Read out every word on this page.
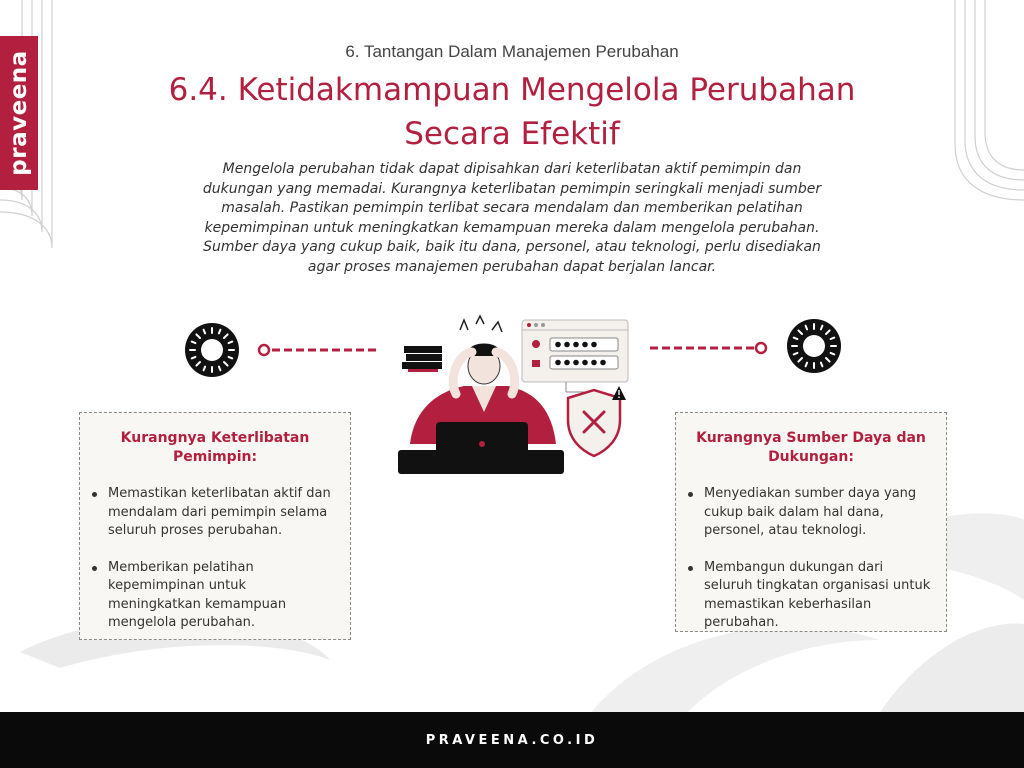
praveena	6. Tantangan Dalam Manajemen Perubahan
6.4. Ketidakmampuan Mengelola Perubahan
Secara Efektif
Mengelola perubahan tidak dapat dipisahkan dari keterlibatan aktif pemimpin dan
dukungan yang memadai. Kurangnya keterlibatan pemimpin seringkali menjadi sumber
masalah. Pastikan pemimpin terlibat secara mendalam dan memberikan pelatihan
kepemimpinan untuk meningkatkan kemampuan mereka dalam mengelola perubahan.
Sumber daya yang cukup baik, baik itu dana, personel, atau teknologi, perlu disediakan
agar proses manajemen perubahan dapat berjalan lancar.
Kurangnya Keterlibatan
Pemimpin:
Memastikan keterlibatan aktif dan
mendalam dari pemimpin selama
seluruh proses perubahan.
Memberikan pelatihan
kepemimpinan untuk
meningkatkan kemampuan
mengelola perubahan.
Kurangnya Sumber Daya dan
Dukungan:
Menyediakan sumber daya yang
cukup baik dalam hal dana,
personel, atau teknologi.
Membangun dukungan dari
seluruh tingkatan organisasi untuk
memastikan keberhasilan
perubahan.
PRAVEENA.CO.ID
